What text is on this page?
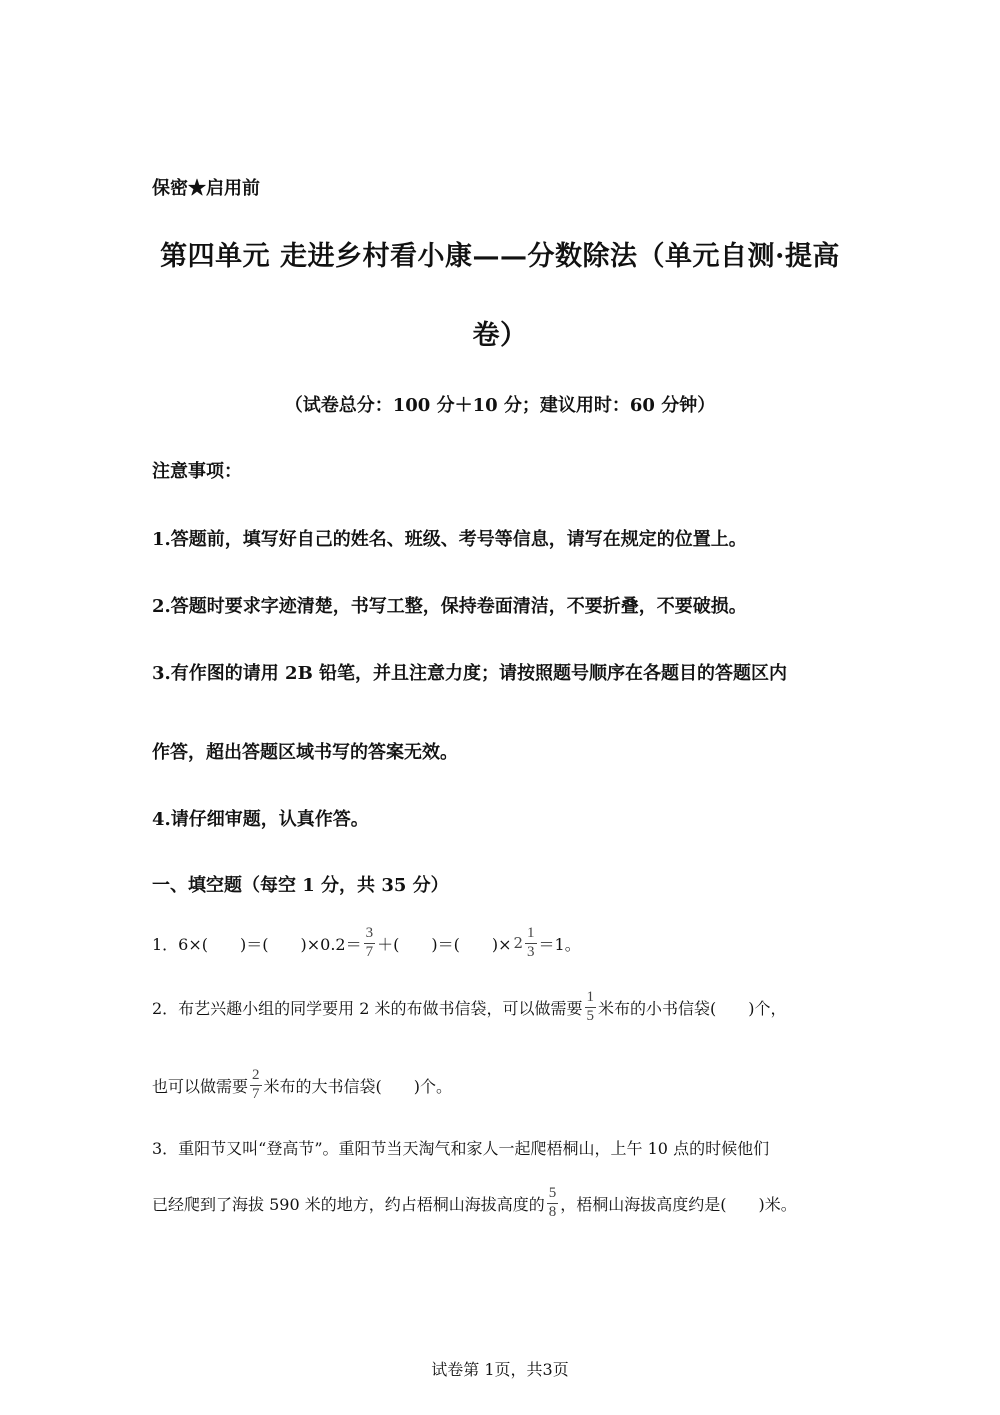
保密★启用前
第四单元 走进乡村看小康——分数除法（单元自测·提高
卷）
（试卷总分：100 分＋10 分；建议用时：60 分钟）
注意事项：
1.答题前，填写好自己的姓名、班级、考号等信息，请写在规定的位置上。
2.答题时要求字迹清楚，书写工整，保持卷面清洁，不要折叠，不要破损。
3.有作图的请用 2B 铅笔，并且注意力度；请按照题号顺序在各题目的答题区内
作答，超出答题区域书写的答案无效。
4.请仔细审题，认真作答。
一、填空题（每空 1 分，共 35 分）
1．6×(　　)＝(　　)$\times 0.2= \frac{3}{7}$ ＋(　　)＝(　　)× $2 \frac{1}{3} =1$。
2．布艺兴趣小组的同学要用 2 米的布做书信袋，可以做需要 $\frac{1}{5}$ 米布的小书信袋(　　)个，
也可以做需要 $\frac{2}{7}$ 米布的大书信袋(　　)个。
3．重阳节又叫“登高节”。重阳节当天淘气和家人一起爬梧桐山，上午 10 点的时候他们
已经爬到了海拔 590 米的地方，约占梧桐山海拔高度的 $\frac{5}{8}$ ，梧桐山海拔高度约是(　　)米。
试卷第 1页，共3页
